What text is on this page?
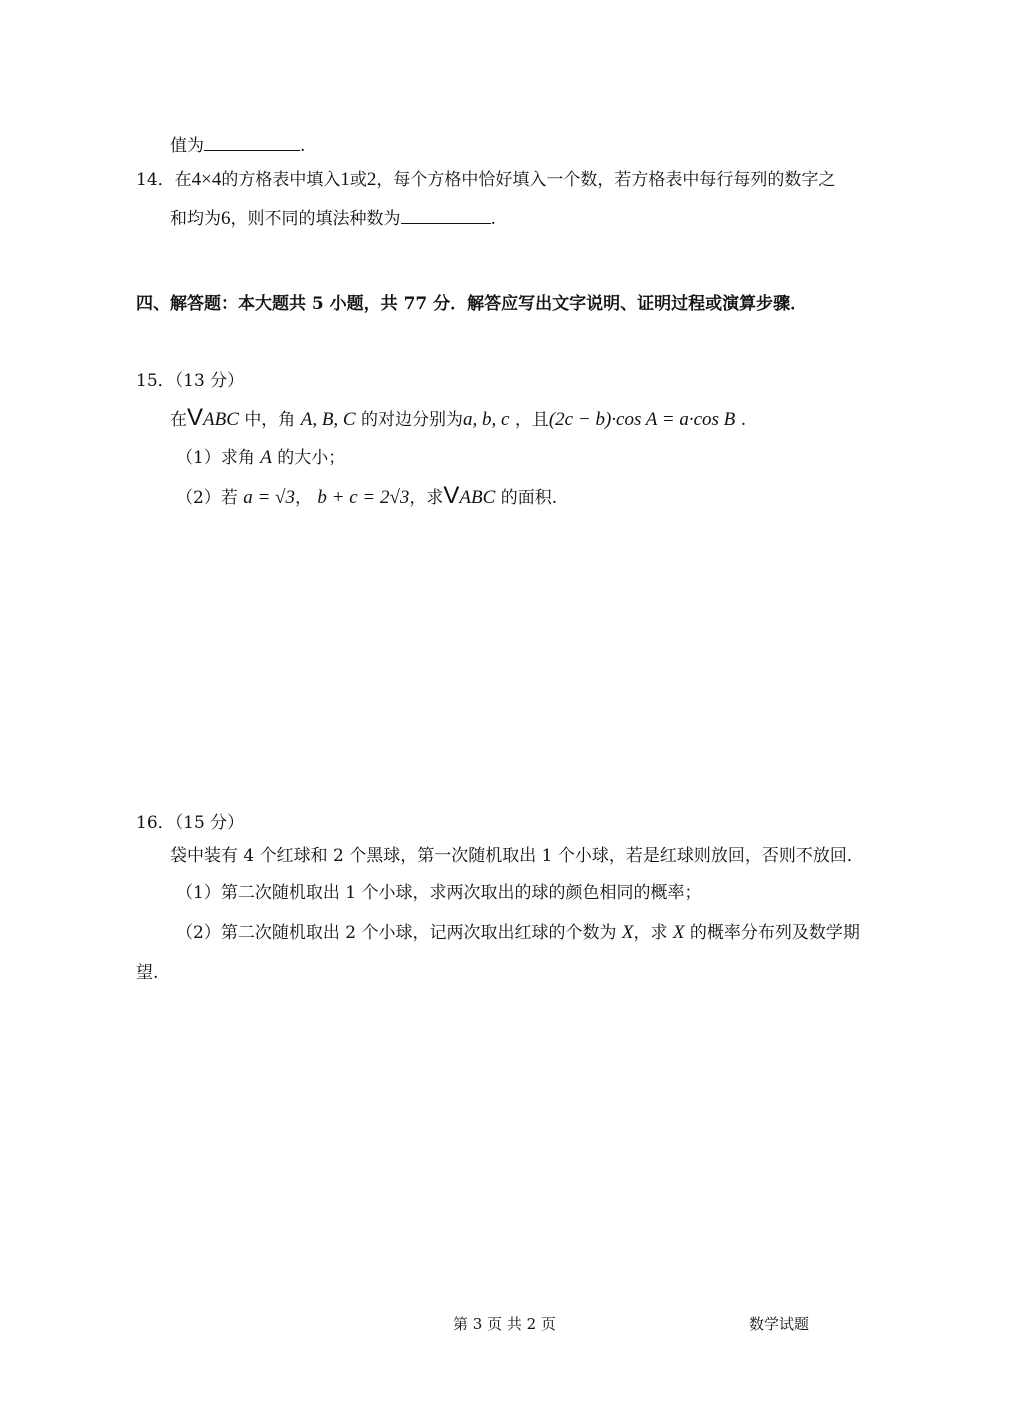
值为	.
14．在4×4的方格表中填入1或2，每个方格中恰好填入一个数，若方格表中每行每列的数字之
和均为6，则不同的填法种数为	.
四、解答题：本大题共 5 小题，共 77 分．解答应写出文字说明、证明过程或演算步骤．
15．（13 分）
在VABC 中，角 A, B, C 的对边分别为a, b, c ，且(2c − b)·cos A = a·cos B .
（1）求角 A 的大小；
（2）若 a = √3， b + c = 2√3，求VABC 的面积.
16．（15 分）
袋中装有 4 个红球和 2 个黑球，第一次随机取出 1 个小球，若是红球则放回，否则不放回．
（1）第二次随机取出 1 个小球，求两次取出的球的颜色相同的概率；
（2）第二次随机取出 2 个小球，记两次取出红球的个数为 X，求 X 的概率分布列及数学期
望.
第 3 页 共 2 页	数学试题
